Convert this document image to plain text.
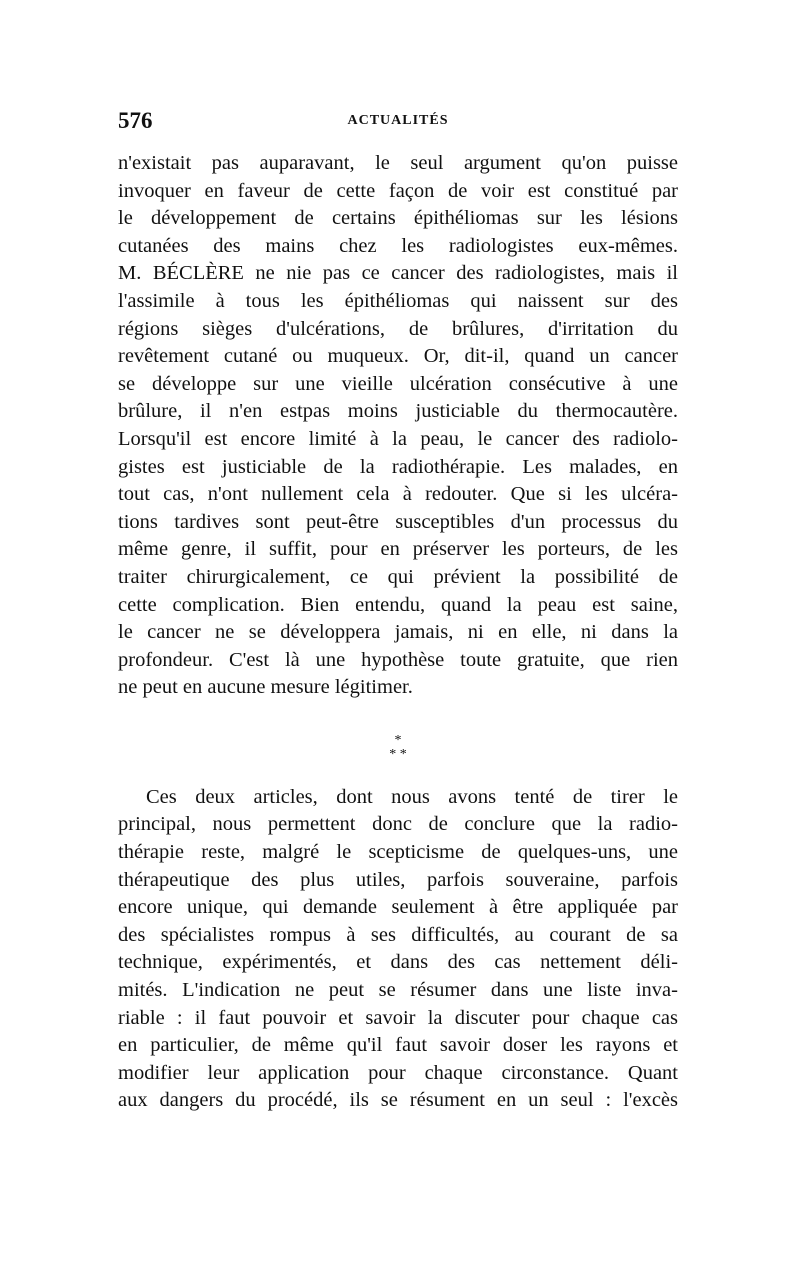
576	ACTUALITÉS
n'existait pas auparavant, le seul argument qu'on puisse
invoquer en faveur de cette façon de voir est constitué par
le développement de certains épithéliomas sur les lésions
cutanées des mains chez les radiologistes eux-mêmes.
M. BÉCLÈRE ne nie pas ce cancer des radiologistes, mais il
l'assimile à tous les épithéliomas qui naissent sur des
régions sièges d'ulcérations, de brûlures, d'irritation du
revêtement cutané ou muqueux. Or, dit-il, quand un cancer
se développe sur une vieille ulcération consécutive à une
brûlure, il n'en estpas moins justiciable du thermocautère.
Lorsqu'il est encore limité à la peau, le cancer des radiolo-
gistes est justiciable de la radiothérapie. Les malades, en
tout cas, n'ont nullement cela à redouter. Que si les ulcéra-
tions tardives sont peut-être susceptibles d'un processus du
même genre, il suffit, pour en préserver les porteurs, de les
traiter chirurgicalement, ce qui prévient la possibilité de
cette complication. Bien entendu, quand la peau est saine,
le cancer ne se développera jamais, ni en elle, ni dans la
profondeur. C'est là une hypothèse toute gratuite, que rien
ne peut en aucune mesure légitimer.
*
* *
Ces deux articles, dont nous avons tenté de tirer le
principal, nous permettent donc de conclure que la radio-
thérapie reste, malgré le scepticisme de quelques-uns, une
thérapeutique des plus utiles, parfois souveraine, parfois
encore unique, qui demande seulement à être appliquée par
des spécialistes rompus à ses difficultés, au courant de sa
technique, expérimentés, et dans des cas nettement déli-
mités. L'indication ne peut se résumer dans une liste inva-
riable : il faut pouvoir et savoir la discuter pour chaque cas
en particulier, de même qu'il faut savoir doser les rayons et
modifier leur application pour chaque circonstance. Quant
aux dangers du procédé, ils se résument en un seul : l'excès
